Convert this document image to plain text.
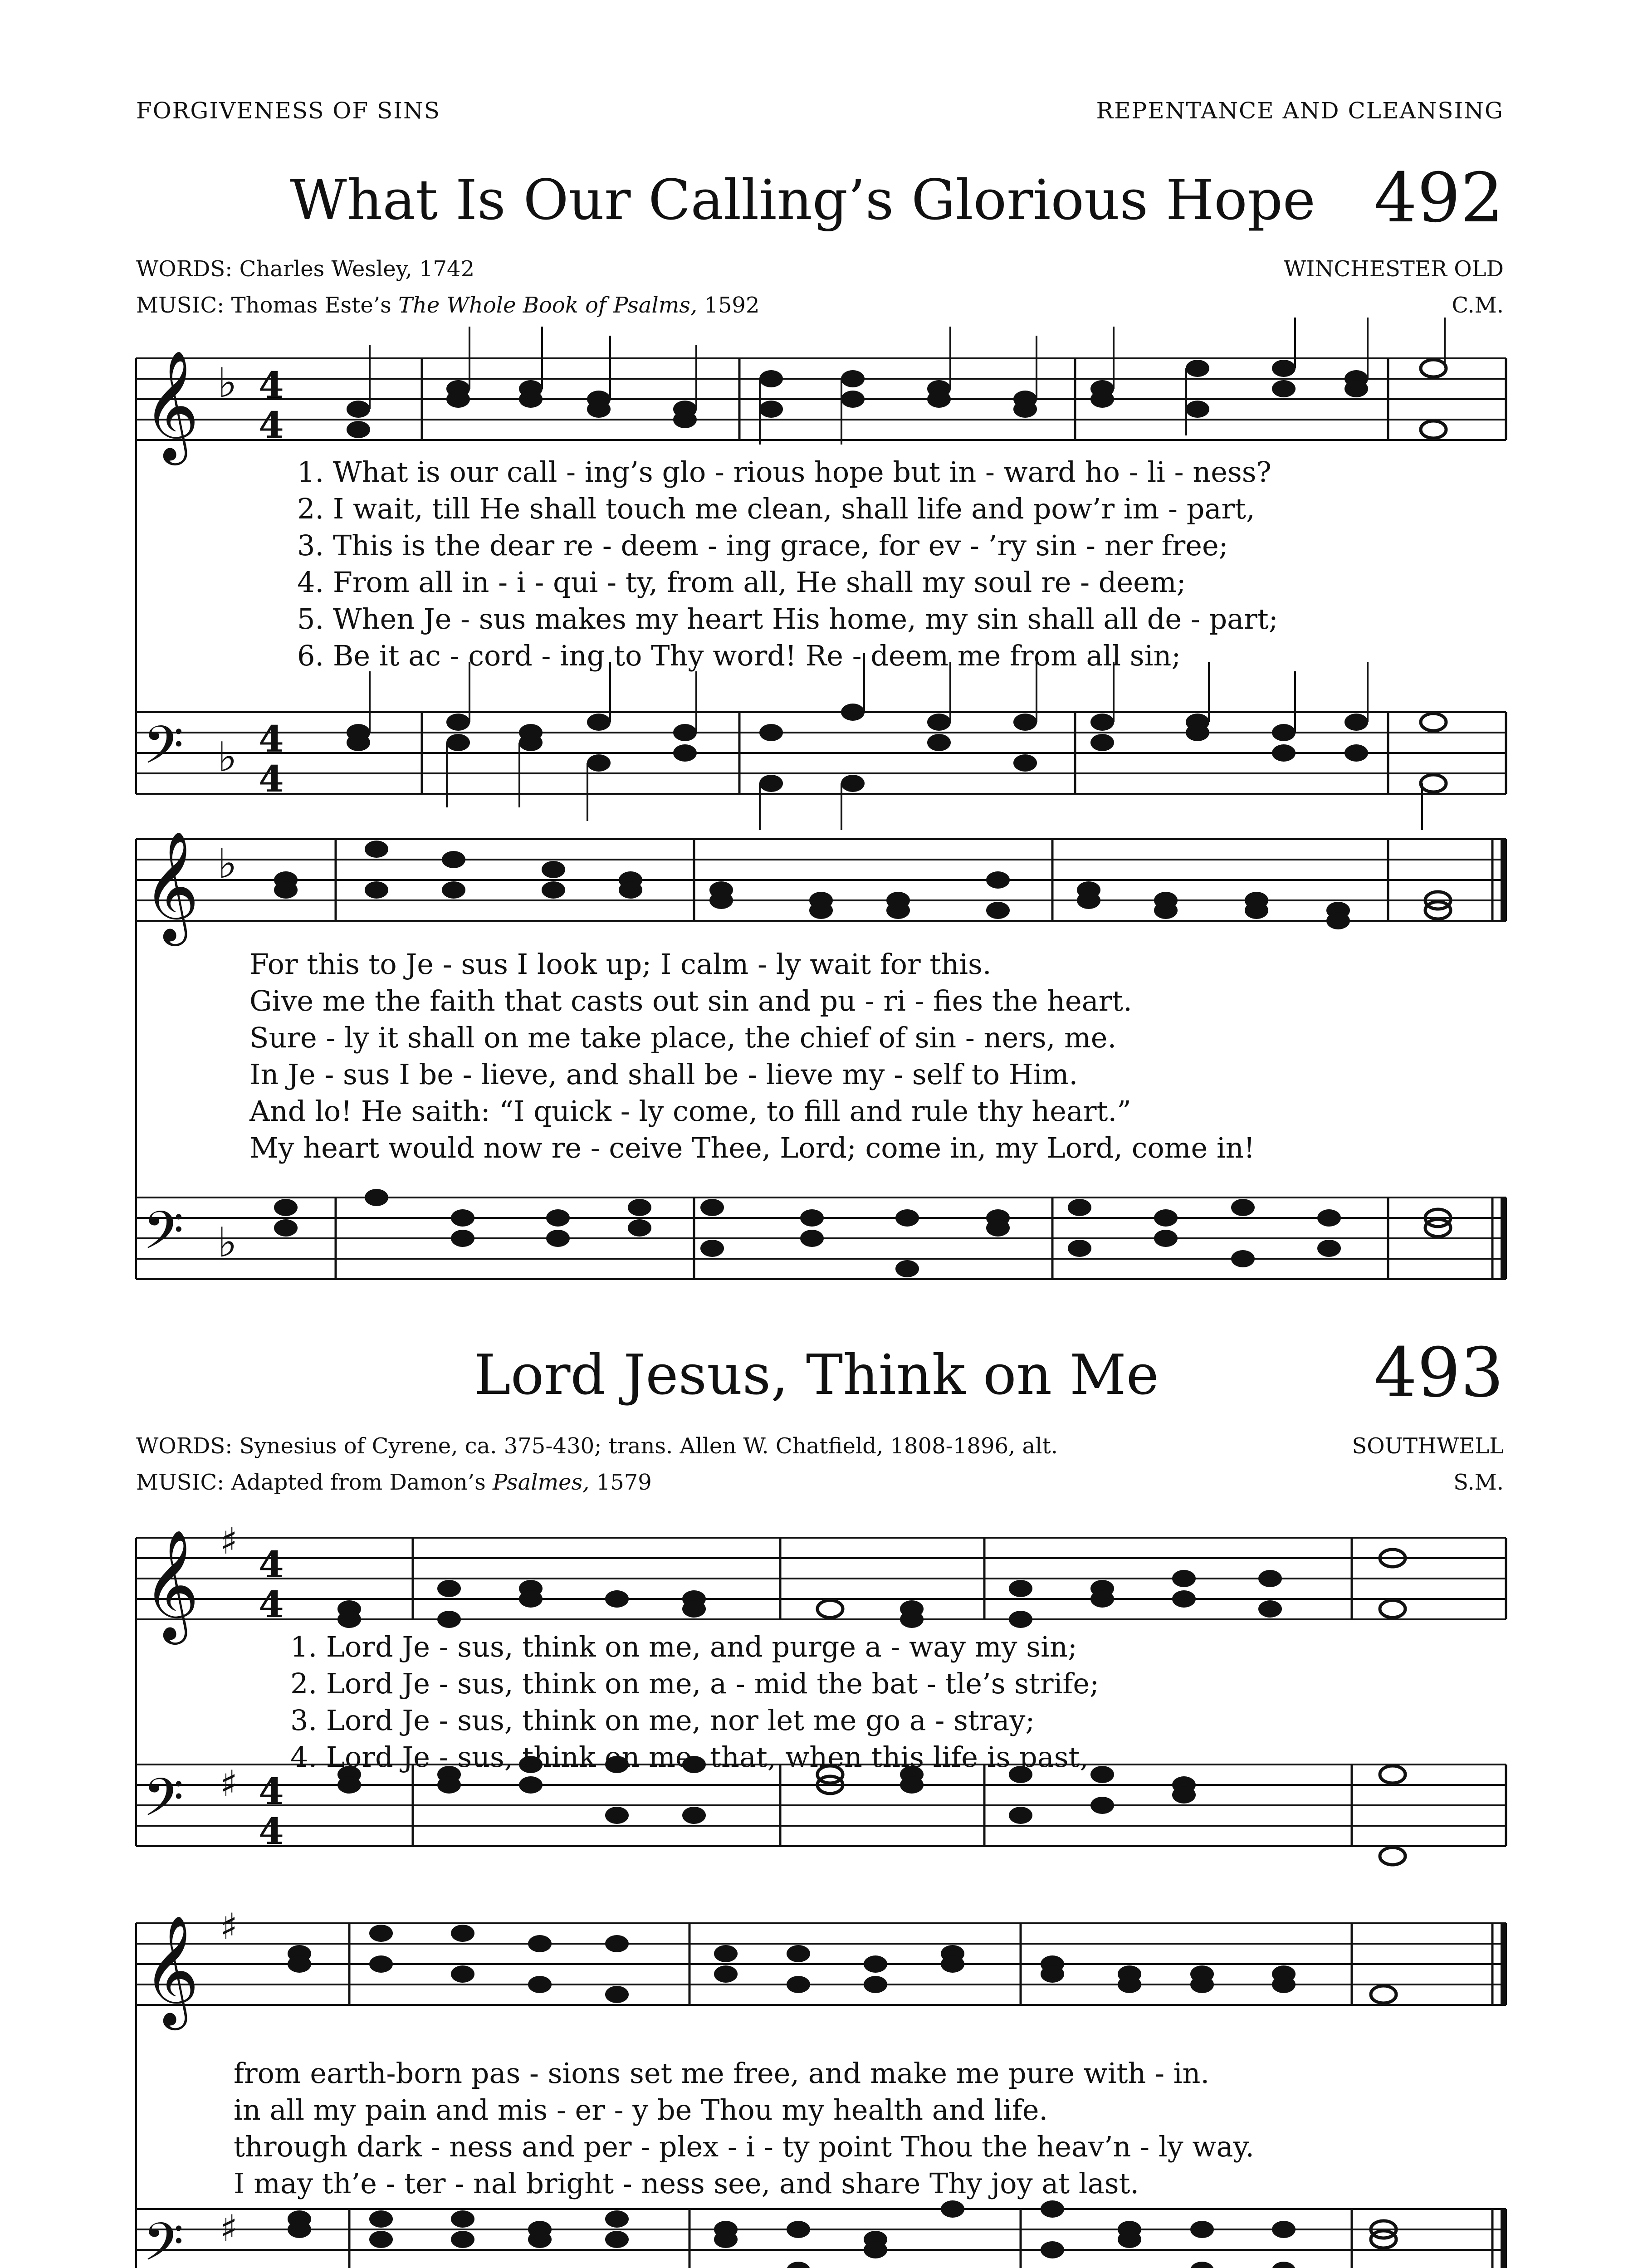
FORGIVENESS OF SINS	REPENTANCE AND CLEANSING
What Is Our Calling’s Glorious Hope 492
WORDS: Charles Wesley, 1742
MUSIC: Thomas Este’s The Whole Book of Psalms, 1592
WINCHESTER OLD
C.M.
𝄞 ♭ 4
4
𝄢 ♭ 4
4
1. What is our call - ing’s glo - rious hope but in - ward ho - li - ness?
2. I wait, till He shall touch me clean, shall life and pow’r im - part,
3. This is the dear re - deem - ing grace, for ev - ’ry sin - ner free;
4. From all in - i - qui - ty, from all, He shall my soul re - deem;
5. When Je - sus makes my heart His home, my sin shall all de - part;
6. Be it ac - cord - ing to Thy word! Re - deem me from all sin;
𝄞 ♭
𝄢 ♭
For this to Je - sus I look up; I calm - ly wait for this.
Give me the faith that casts out sin and pu - ri - fies the heart.
Sure - ly it shall on me take place, the chief of sin - ners, me.
In Je - sus I be - lieve, and shall be - lieve my - self to Him.
And lo! He saith: “I quick - ly come, to fill and rule thy heart.”
My heart would now re - ceive Thee, Lord; come in, my Lord, come in!
Lord Jesus, Think on Me	493
WORDS: Synesius of Cyrene, ca. 375-430; trans. Allen W. Chatfield, 1808-1896, alt.
MUSIC: Adapted from Damon’s Psalmes, 1579
SOUTHWELL
S.M.
𝄞 ♯
4
4
𝄢 ♯ 4
4
1. Lord Je - sus, think on me, and purge a - way my sin;
2. Lord Je - sus, think on me, a - mid the bat - tle’s strife;
3. Lord Je - sus, think on me, nor let me go a - stray;
4. Lord Je - sus, think on me, that, when this life is past,
𝄞 ♯
𝄢 ♯
from earth-born pas - sions set me free, and make me pure with - in.
in all my pain and mis - er - y be Thou my health and life.
through dark - ness and per - plex - i - ty point Thou the heav’n - ly way.
I may th’e - ter - nal bright - ness see, and share Thy joy at last.
